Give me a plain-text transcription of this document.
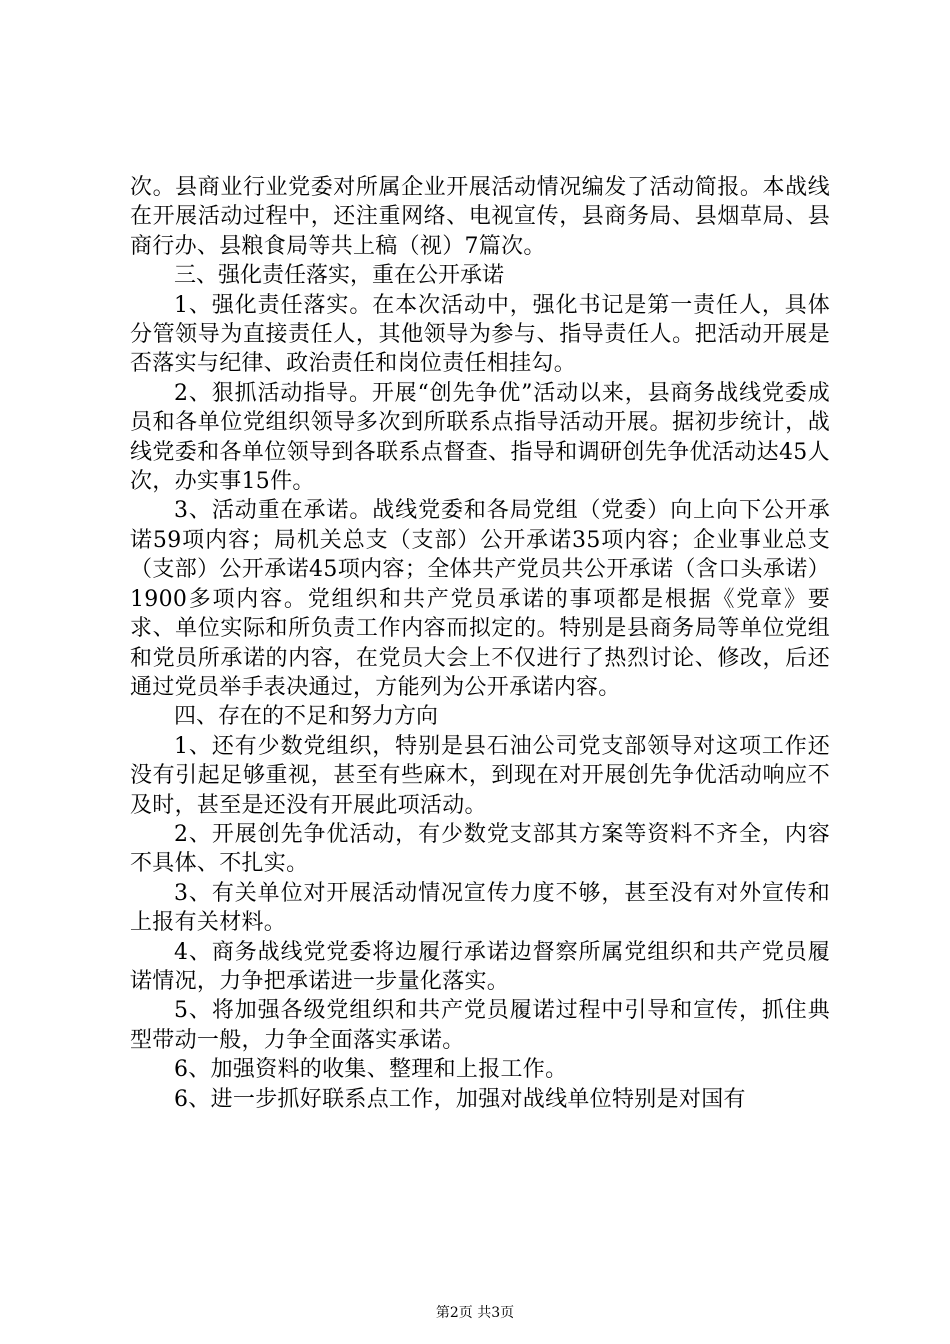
次。县商业行业党委对所属企业开展活动情况编发了活动简报。本战线在开展活动过程中，还注重网络、电视宣传，县商务局、县烟草局、县商行办、县粮食局等共上稿（视）7篇次。

三、强化责任落实，重在公开承诺

1、强化责任落实。在本次活动中，强化书记是第一责任人，具体分管领导为直接责任人，其他领导为参与、指导责任人。把活动开展是否落实与纪律、政治责任和岗位责任相挂勾。

2、狠抓活动指导。开展“创先争优”活动以来，县商务战线党委成员和各单位党组织领导多次到所联系点指导活动开展。据初步统计，战线党委和各单位领导到各联系点督查、指导和调研创先争优活动达45人次，办实事15件。

3、活动重在承诺。战线党委和各局党组（党委）向上向下公开承诺59项内容；局机关总支（支部）公开承诺35项内容；企业事业总支（支部）公开承诺45项内容；全体共产党员共公开承诺（含口头承诺）1900多项内容。党组织和共产党员承诺的事项都是根据《党章》要求、单位实际和所负责工作内容而拟定的。特别是县商务局等单位党组和党员所承诺的内容，在党员大会上不仅进行了热烈讨论、修改，后还通过党员举手表决通过，方能列为公开承诺内容。

四、存在的不足和努力方向

1、还有少数党组织，特别是县石油公司党支部领导对这项工作还没有引起足够重视，甚至有些麻木，到现在对开展创先争优活动响应不及时，甚至是还没有开展此项活动。

2、开展创先争优活动，有少数党支部其方案等资料不齐全，内容不具体、不扎实。

3、有关单位对开展活动情况宣传力度不够，甚至没有对外宣传和上报有关材料。

4、商务战线党党委将边履行承诺边督察所属党组织和共产党员履诺情况，力争把承诺进一步量化落实。

5、将加强各级党组织和共产党员履诺过程中引导和宣传，抓住典型带动一般，力争全面落实承诺。

6、加强资料的收集、整理和上报工作。

6、进一步抓好联系点工作，加强对战线单位特别是对国有

第2页 共3页
